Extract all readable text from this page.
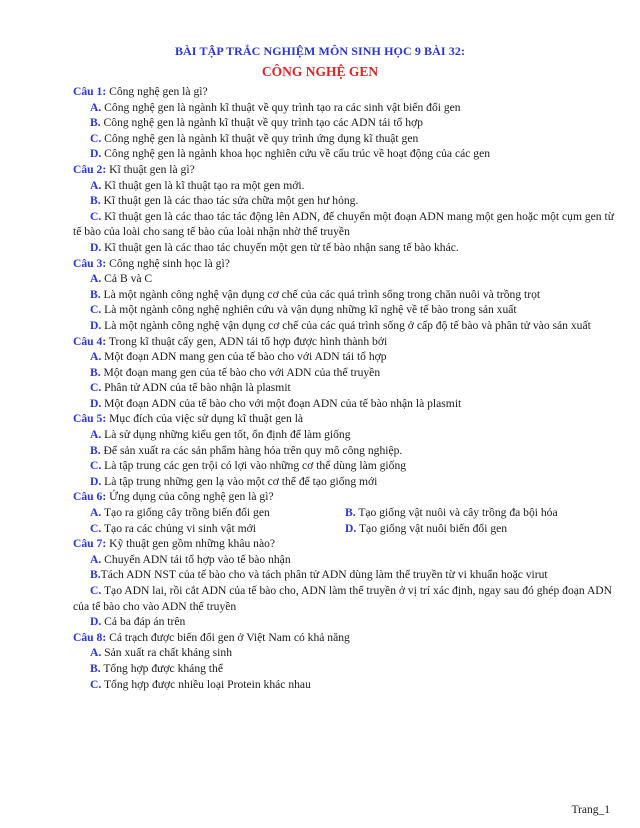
BÀI TẬP TRẮC NGHIỆM MÔN SINH HỌC 9 BÀI 32:
CÔNG NGHỆ GEN

Câu 1: Công nghệ gen là gì?

A. Công nghệ gen là ngành kĩ thuật về quy trình tạo ra các sinh vật biến đổi gen

B. Công nghệ gen là ngành kĩ thuật về quy trình tạo các ADN tái tổ hợp

C. Công nghệ gen là ngành kĩ thuật về quy trình ứng dụng kĩ thuật gen

D. Công nghệ gen là ngành khoa học nghiên cứu về cấu trúc về hoạt động của các gen

Câu 2: Kĩ thuật gen là gì?

A. Kĩ thuật gen là kĩ thuật tạo ra một gen mới.

B. Kĩ thuật gen là các thao tác sửa chữa một gen hư hỏng.

C. Kĩ thuật gen là các thao tác tác động lên ADN, để chuyển một đoạn ADN mang một gen hoặc một cụm gen từ tế bào của loài cho sang tế bào của loài nhận nhờ thể truyền

D. Kĩ thuật gen là các thao tác chuyển một gen từ tế bào nhận sang tế bào khác.

Câu 3: Công nghệ sinh học là gì?

A. Cả B và C

B. Là một ngành công nghệ vận dụng cơ chế của các quá trình sống trong chăn nuôi và trồng trọt

C. Là một ngành công nghệ nghiên cứu và vận dụng những kĩ nghệ về tế bào trong sản xuất

D. Là một ngành công nghệ vận dụng cơ chế của các quá trình sống ở cấp độ tế bào và phân tử vào sản xuất

Câu 4: Trong kĩ thuật cấy gen, ADN tái tổ hợp được hình thành bởi

A. Một đoạn ADN mang gen của tế bào cho với ADN tái tổ hợp

B. Một đoạn mang gen của tế bào cho với ADN của thể truyền

C. Phân tử ADN của tế bào nhận là plasmit

D. Một đoạn ADN của tế bào cho với một đoạn ADN của tế bào nhận là plasmit

Câu 5: Mục đích của việc sử dụng kĩ thuật gen là

A. Là sử dụng những kiểu gen tốt, ổn định để làm giống

B. Để sản xuất ra các sản phẩm hàng hóa trên quy mô công nghiệp.

C. Là tập trung các gen trội có lợi vào những cơ thể dùng làm giống

D. Là tập trung những gen lạ vào một cơ thể để tạo giống mới

Câu 6: Ứng dụng của công nghệ gen là gì?

A. Tạo ra giống cây trồng biến đổi gen	B. Tạo giống vật nuôi và cây trồng đa bội hóa
C. Tạo ra các chủng vi sinh vật mới	D. Tạo giống vật nuôi biến đổi gen

Câu 7: Kỹ thuật gen gồm những khâu nào?

A. Chuyển ADN tái tổ hợp vào tế bào nhận

B.Tách ADN NST của tế bào cho và tách phân tử ADN dùng làm thể truyền từ vi khuẩn hoặc virut

C. Tạo ADN lai, rồi cắt ADN của tế bào cho, ADN làm thể truyền ở vị trí xác định, ngay sau đó ghép đoạn ADN của tế bào cho vào ADN thể truyền

D. Cả ba đáp án trên

Câu 8: Cá trạch được biến đổi gen ở Việt Nam có khả năng

A. Sản xuất ra chất kháng sinh

B. Tổng hợp được kháng thể

C. Tổng hợp được nhiều loại Protein khác nhau

Trang_1
